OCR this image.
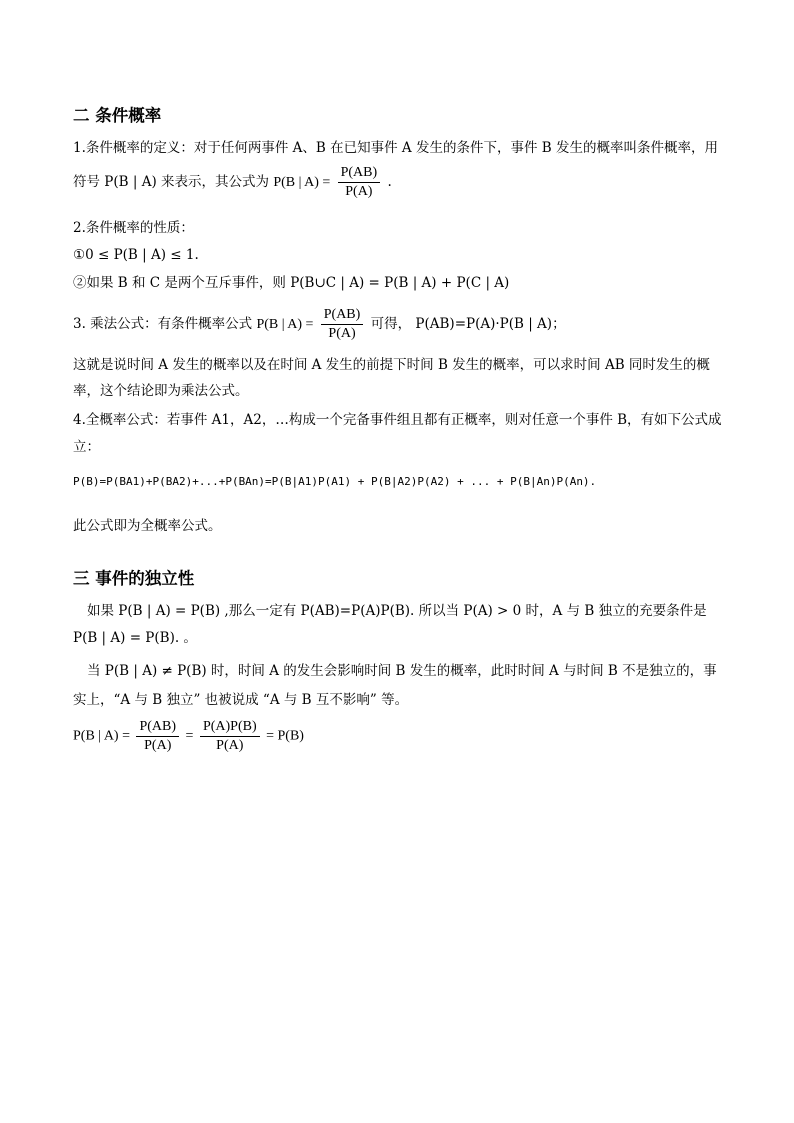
二 条件概率
1.条件概率的定义：对于任何两事件 A、B 在已知事件 A 发生的条件下，事件 B 发生的概率叫条件概率，用
符号 P(B | A) 来表示，其公式为 P(B | $A) = \frac{P(AB)}{P(A)}$ .
2.条件概率的性质：
①0 ≤ P(B | A) ≤ 1.
②如果 B 和 C 是两个互斥事件，则 P(B∪C | A) = P(B | A) + P(C | A)
3. 乘法公式：有条件概率公式 P(B | $A) = \frac{P(AB)}{P(A)}$ 可得， P(AB)=P(A)·P(B | A)；
这就是说时间 A 发生的概率以及在时间 A 发生的前提下时间 B 发生的概率，可以求时间 AB 同时发生的概
率，这个结论即为乘法公式。
4.全概率公式：若事件 A1，A2，…构成一个完备事件组且都有正概率，则对任意一个事件 B，有如下公式成
立：
P(B)=P(BA1)+P(BA2)+...+P(BAn)=P(B|A1)P(A1) + P(B|A2)P(A2) + ... + P(B|An)P(An).
此公式即为全概率公式。
三 事件的独立性
如果 P(B | A) = P(B) ,那么一定有 P(AB)=P(A)P(B). 所以当 P(A) > 0 时，A 与 B 独立的充要条件是
P(B | A) = P(B). 。
当 P(B | A) ≠ P(B) 时，时间 A 的发生会影响时间 B 发生的概率，此时时间 A 与时间 B 不是独立的，事
实上，“A 与 B 独立” 也被说成 “A 与 B 互不影响” 等。
P(B | $A) = \frac{P(AB)}{P(A)} = \frac{P(A)P(B)}{P(A)} = P(B)$
